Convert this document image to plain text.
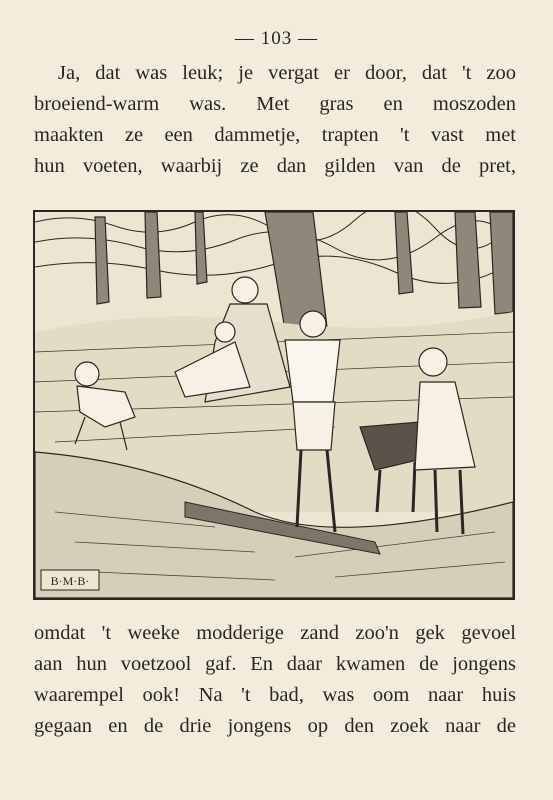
— 103 —
Ja, dat was leuk; je vergat er door, dat 't zoo
broeiend-warm was. Met gras en moszoden
maakten ze een dammetje, trapten 't vast met
hun voeten, waarbij ze dan gilden van de pret,
B·M·B·
omdat 't weeke modderige zand zoo'n gek gevoel
aan hun voetzool gaf. En daar kwamen de jongens
waarempel ook! Na 't bad, was oom naar huis
gegaan en de drie jongens op den zoek naar de
